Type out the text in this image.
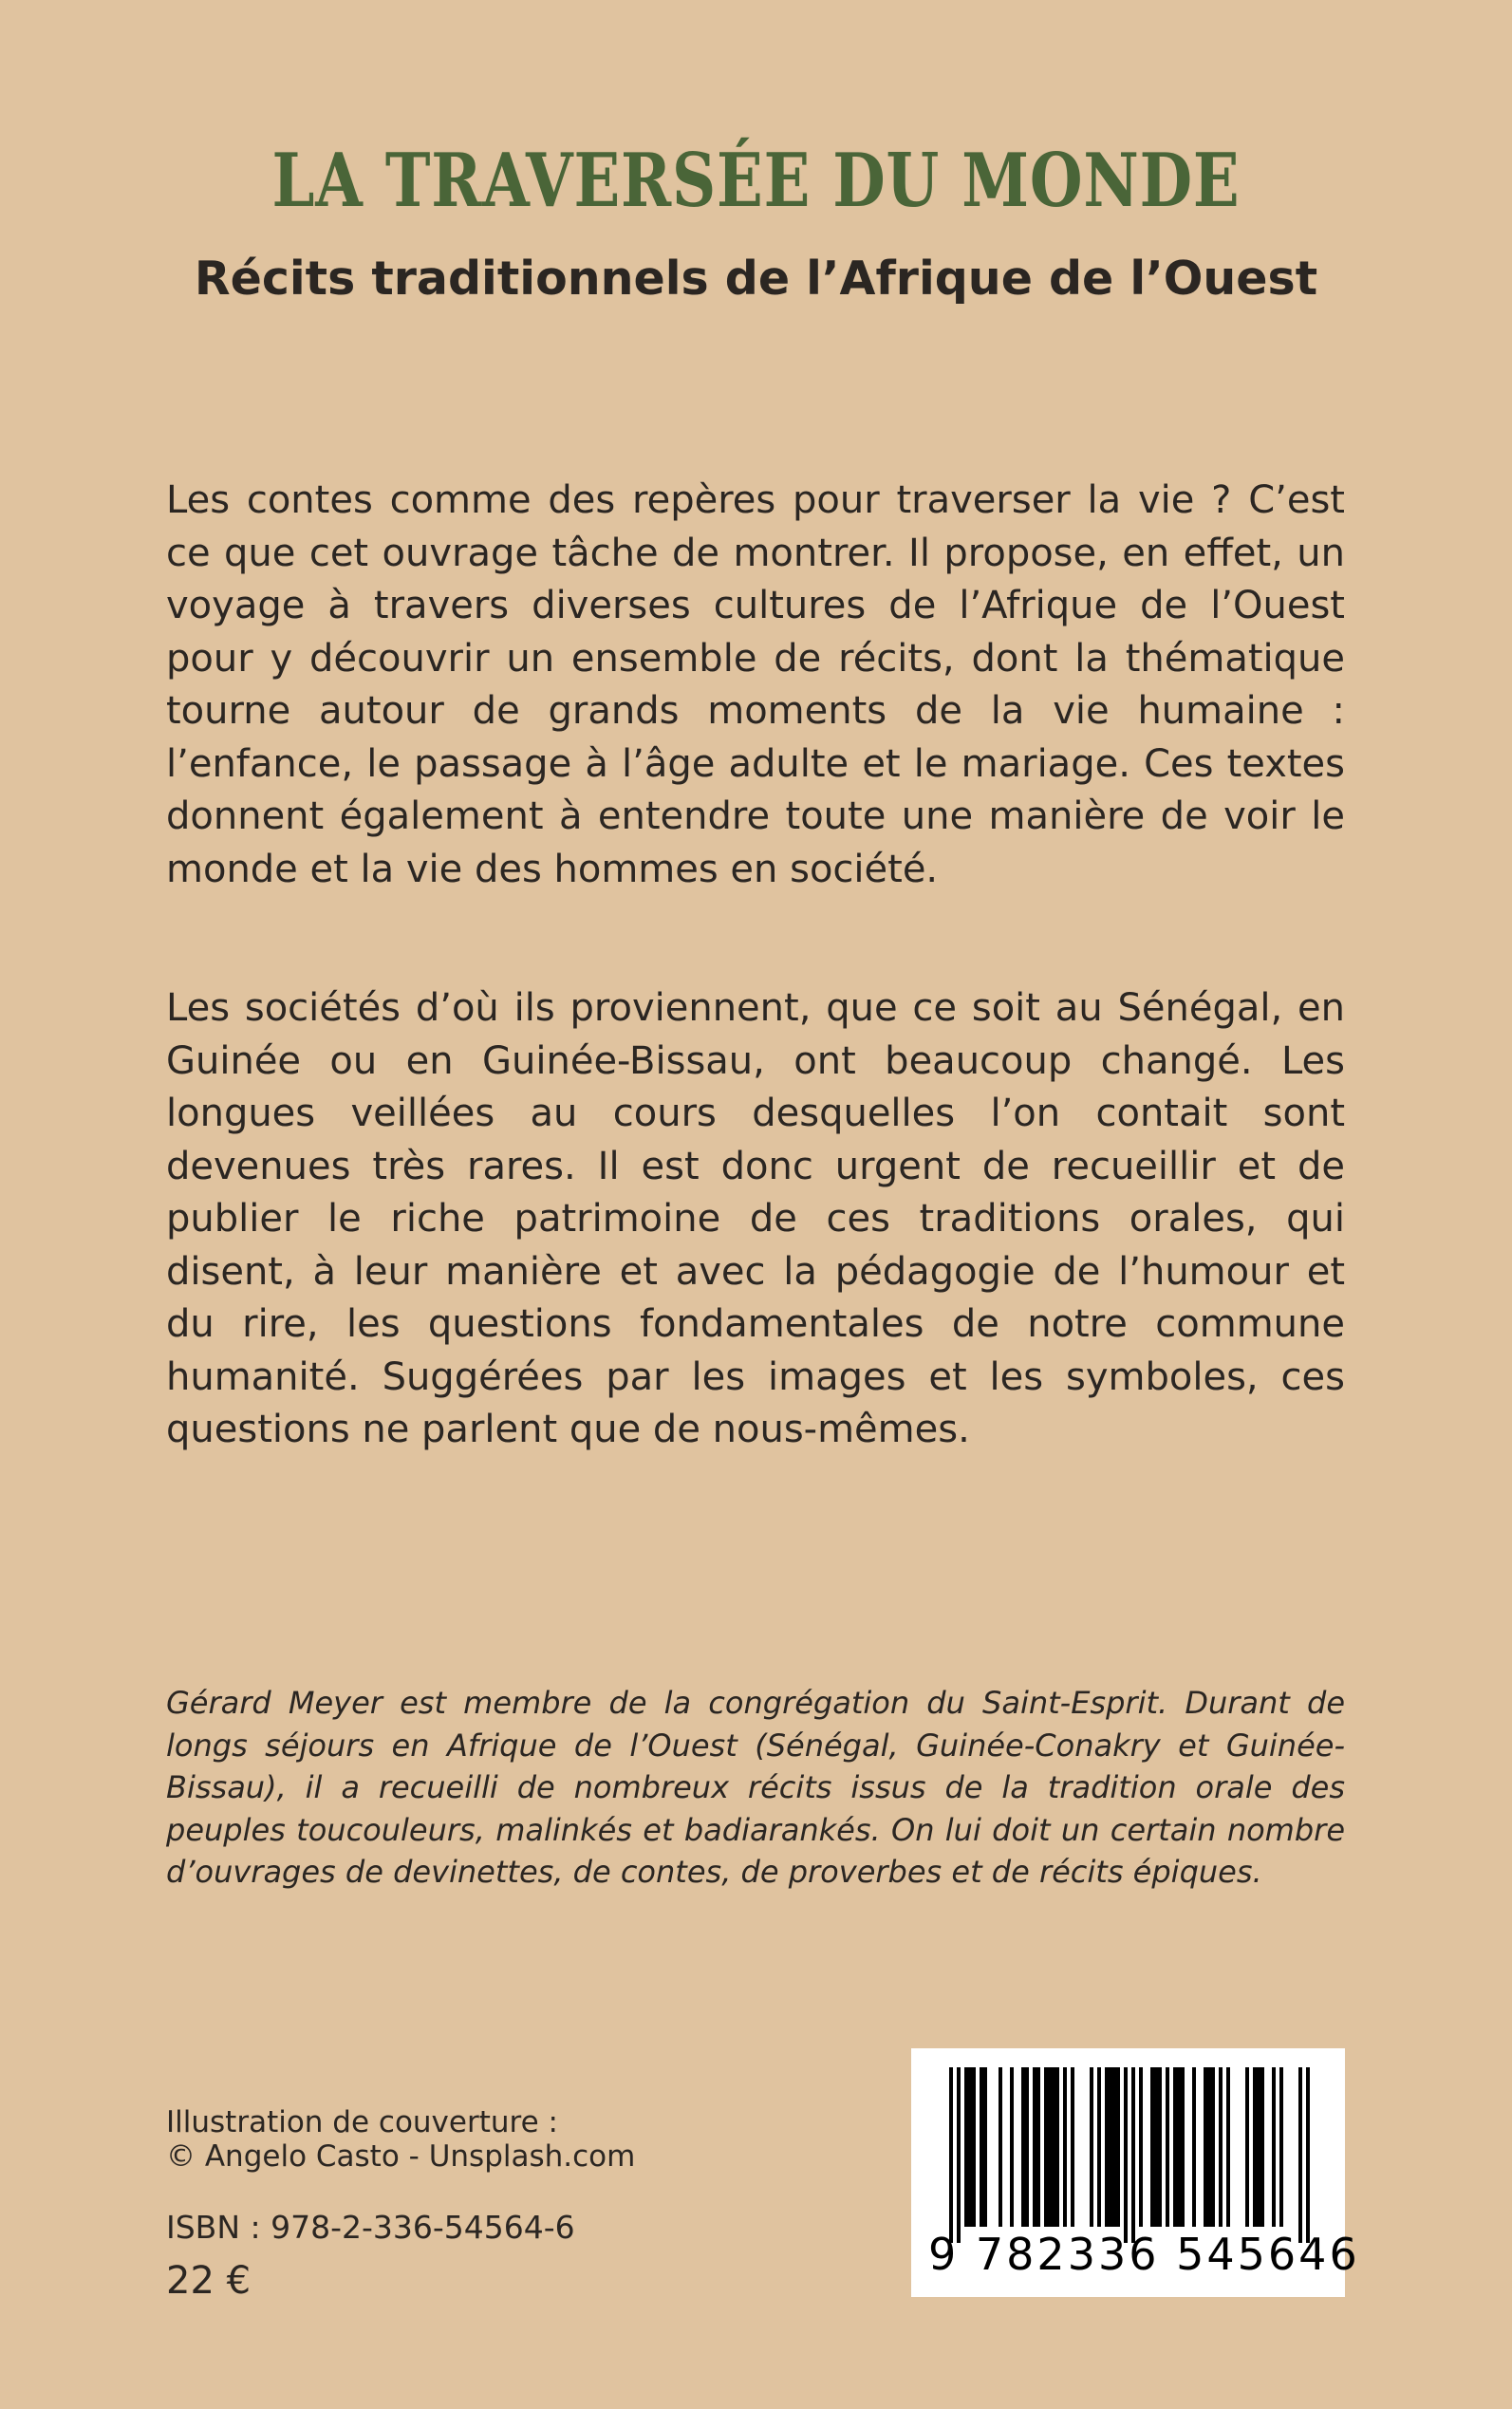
LA TRAVERSÉE DU MONDE
Récits traditionnels de l’Afrique de l’Ouest

Les contes comme des repères pour traverser la vie ? C’est ce que cet ouvrage tâche de montrer. Il propose, en effet, un voyage à travers diverses cultures de l’Afrique de l’Ouest pour y découvrir un ensemble de récits, dont la thématique tourne autour de grands moments de la vie humaine : l’enfance, le passage à l’âge adulte et le mariage. Ces textes donnent également à entendre toute une manière de voir le monde et la vie des hommes en société.

Les sociétés d’où ils proviennent, que ce soit au Sénégal, en Guinée ou en Guinée-Bissau, ont beaucoup changé. Les longues veillées au cours desquelles l’on contait sont devenues très rares. Il est donc urgent de recueillir et de publier le riche patrimoine de ces traditions orales, qui disent, à leur manière et avec la pédagogie de l’humour et du rire, les questions fondamentales de notre commune humanité. Suggérées par les images et les symboles, ces questions ne parlent que de nous-mêmes.

Gérard Meyer est membre de la congrégation du Saint-Esprit. Durant de longs séjours en Afrique de l’Ouest (Sénégal, Guinée-Conakry et Guinée-Bissau), il a recueilli de nombreux récits issus de la tradition orale des peuples toucouleurs, malinkés et badiarankés. On lui doit un certain nombre d’ouvrages de devinettes, de contes, de proverbes et de récits épiques.

Illustration de couverture :
© Angelo Casto - Unsplash.com
ISBN : 978-2-336-54564-6
22 €
9 782336 545646
